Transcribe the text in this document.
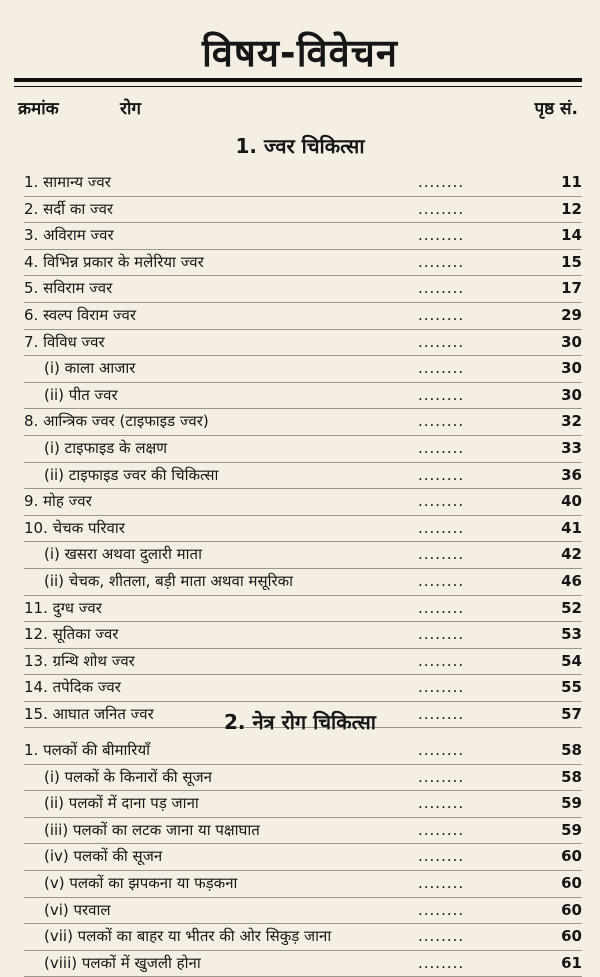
विषय-विवेचन
क्रमांक	रोग	पृष्ठ सं.
1. ज्वर चिकित्सा
1. सामान्य ज्वर	........	11
2. सर्दी का ज्वर	........	12
3. अविराम ज्वर	........	14
4. विभिन्न प्रकार के मलेरिया ज्वर	........	15
5. सविराम ज्वर	........	17
6. स्वल्प विराम ज्वर	........	29
7. विविध ज्वर	........	30
(i) काला आजार	........	30
(ii) पीत ज्वर	........	30
8. आन्त्रिक ज्वर (टाइफाइड ज्वर)	........	32
(i) टाइफाइड के लक्षण	........	33
(ii) टाइफाइड ज्वर की चिकित्सा	........	36
9. मोह ज्वर	........	40
10. चेचक परिवार	........	41
(i) खसरा अथवा दुलारी माता	........	42
(ii) चेचक, शीतला, बड़ी माता अथवा मसूरिका	........	46
11. दुग्ध ज्वर	........	52
12. सूतिका ज्वर	........	53
13. ग्रन्थि शोथ ज्वर	........	54
14. तपेदिक ज्वर	........	55
15. आघात जनित ज्वर	........	57
2. नेत्र रोग चिकित्सा
1. पलकों की बीमारियाँ	........	58
(i) पलकों के किनारों की सूजन	........	58
(ii) पलकों में दाना पड़ जाना	........	59
(iii) पलकों का लटक जाना या पक्षाघात	........	59
(iv) पलकों की सूजन	........	60
(v) पलकों का झपकना या फड़कना	........	60
(vi) परवाल	........	60
(vii) पलकों का बाहर या भीतर की ओर सिकुड़ जाना	........	60
(viii) पलकों में खुजली होना	........	61
